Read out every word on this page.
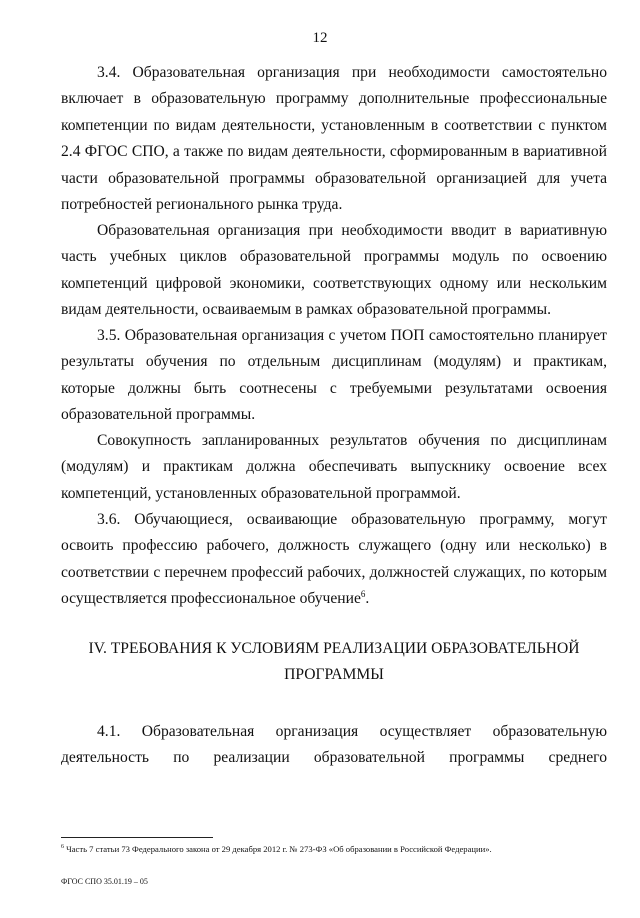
12

3.4. Образовательная организация при необходимости самостоятельно включает в образовательную программу дополнительные профессиональные компетенции по видам деятельности, установленным в соответствии с пунктом 2.4 ФГОС СПО, а также по видам деятельности, сформированным в вариативной части образовательной программы образовательной организацией для учета потребностей регионального рынка труда.

Образовательная организация при необходимости вводит в вариативную часть учебных циклов образовательной программы модуль по освоению компетенций цифровой экономики, соответствующих одному или нескольким видам деятельности, осваиваемым в рамках образовательной программы.

3.5. Образовательная организация с учетом ПОП самостоятельно планирует результаты обучения по отдельным дисциплинам (модулям) и практикам, которые должны быть соотнесены с требуемыми результатами освоения образовательной программы.

Совокупность запланированных результатов обучения по дисциплинам (модулям) и практикам должна обеспечивать выпускнику освоение всех компетенций, установленных образовательной программой.

3.6. Обучающиеся, осваивающие образовательную программу, могут освоить профессию рабочего, должность служащего (одну или несколько) в соответствии с перечнем профессий рабочих, должностей служащих, по которым осуществляется профессиональное обучение$^6$.

IV. ТРЕБОВАНИЯ К УСЛОВИЯМ РЕАЛИЗАЦИИ ОБРАЗОВАТЕЛЬНОЙ
ПРОГРАММЫ

4.1. Образовательная организация осуществляет образовательную деятельность по реализации образовательной программы среднего

$^6$ Часть 7 статьи 73 Федерального закона от 29 декабря 2012 г. № 273-ФЗ «Об образовании в Российской Федерации».
ФГОС СПО 35.01.19 – 05
